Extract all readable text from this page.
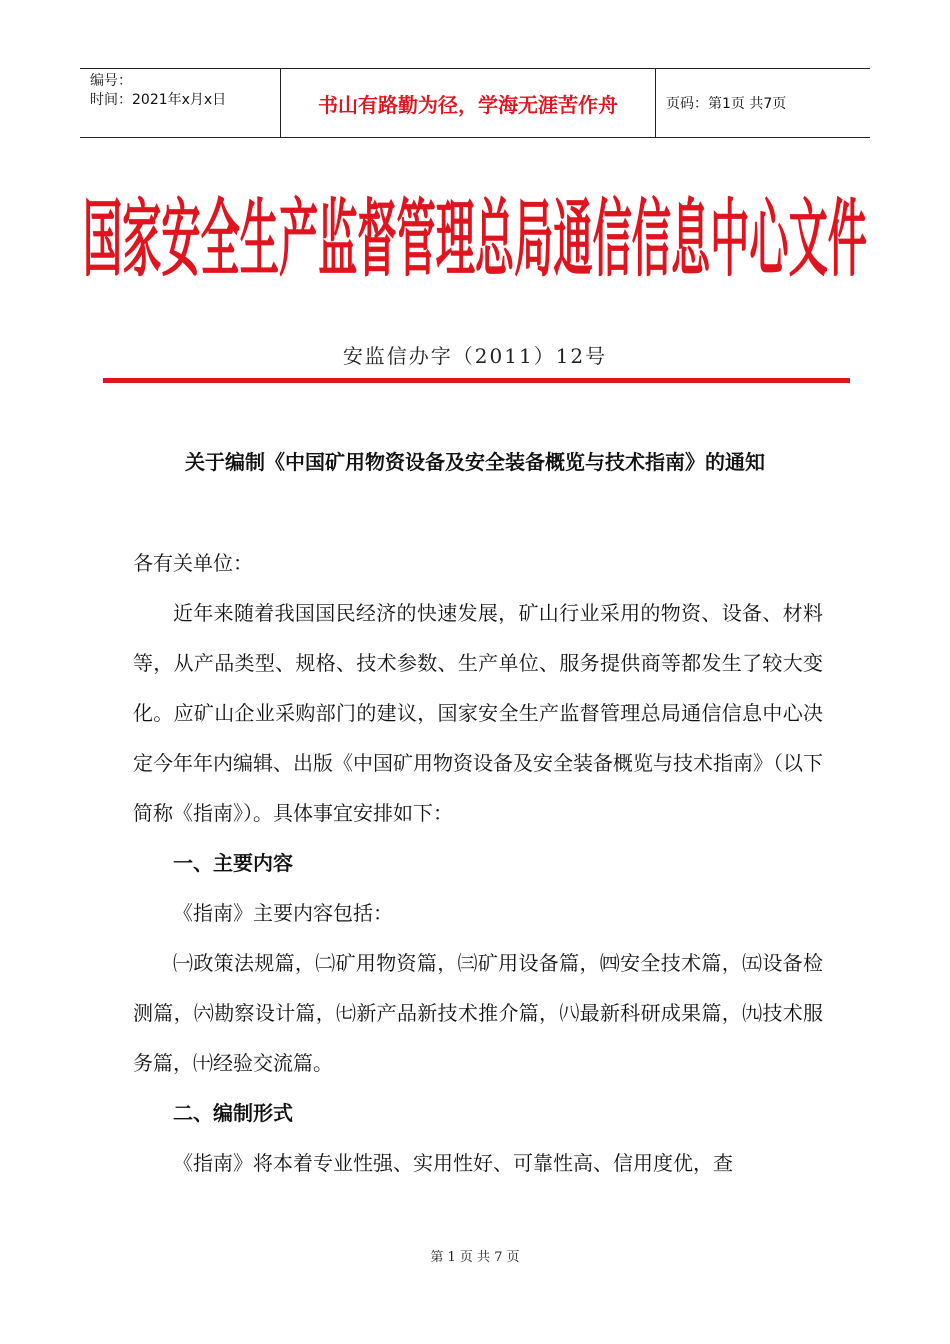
编号：
时间：2021年x月x日	书山有路勤为径，学海无涯苦作舟	页码：第1页 共7页
国家安全生产监督管理总局通信信息中心文件
安监信办字（2011）12号
关于编制《中国矿用物资设备及安全装备概览与技术指南》的通知

各有关单位：

近年来随着我国国民经济的快速发展，矿山行业采用的物资、设备、材料等，从产品类型、规格、技术参数、生产单位、服务提供商等都发生了较大变化。应矿山企业采购部门的建议，国家安全生产监督管理总局通信信息中心决定今年年内编辑、出版《中国矿用物资设备及安全装备概览与技术指南》（以下简称《指南》）。具体事宜安排如下：

一、主要内容

《指南》主要内容包括：

㈠政策法规篇，㈡矿用物资篇，㈢矿用设备篇，㈣安全技术篇，㈤设备检测篇，㈥勘察设计篇，㈦新产品新技术推介篇，㈧最新科研成果篇，㈨技术服务篇，㈩经验交流篇。

二、编制形式

《指南》将本着专业性强、实用性好、可靠性高、信用度优，查

第 1 页 共 7 页
